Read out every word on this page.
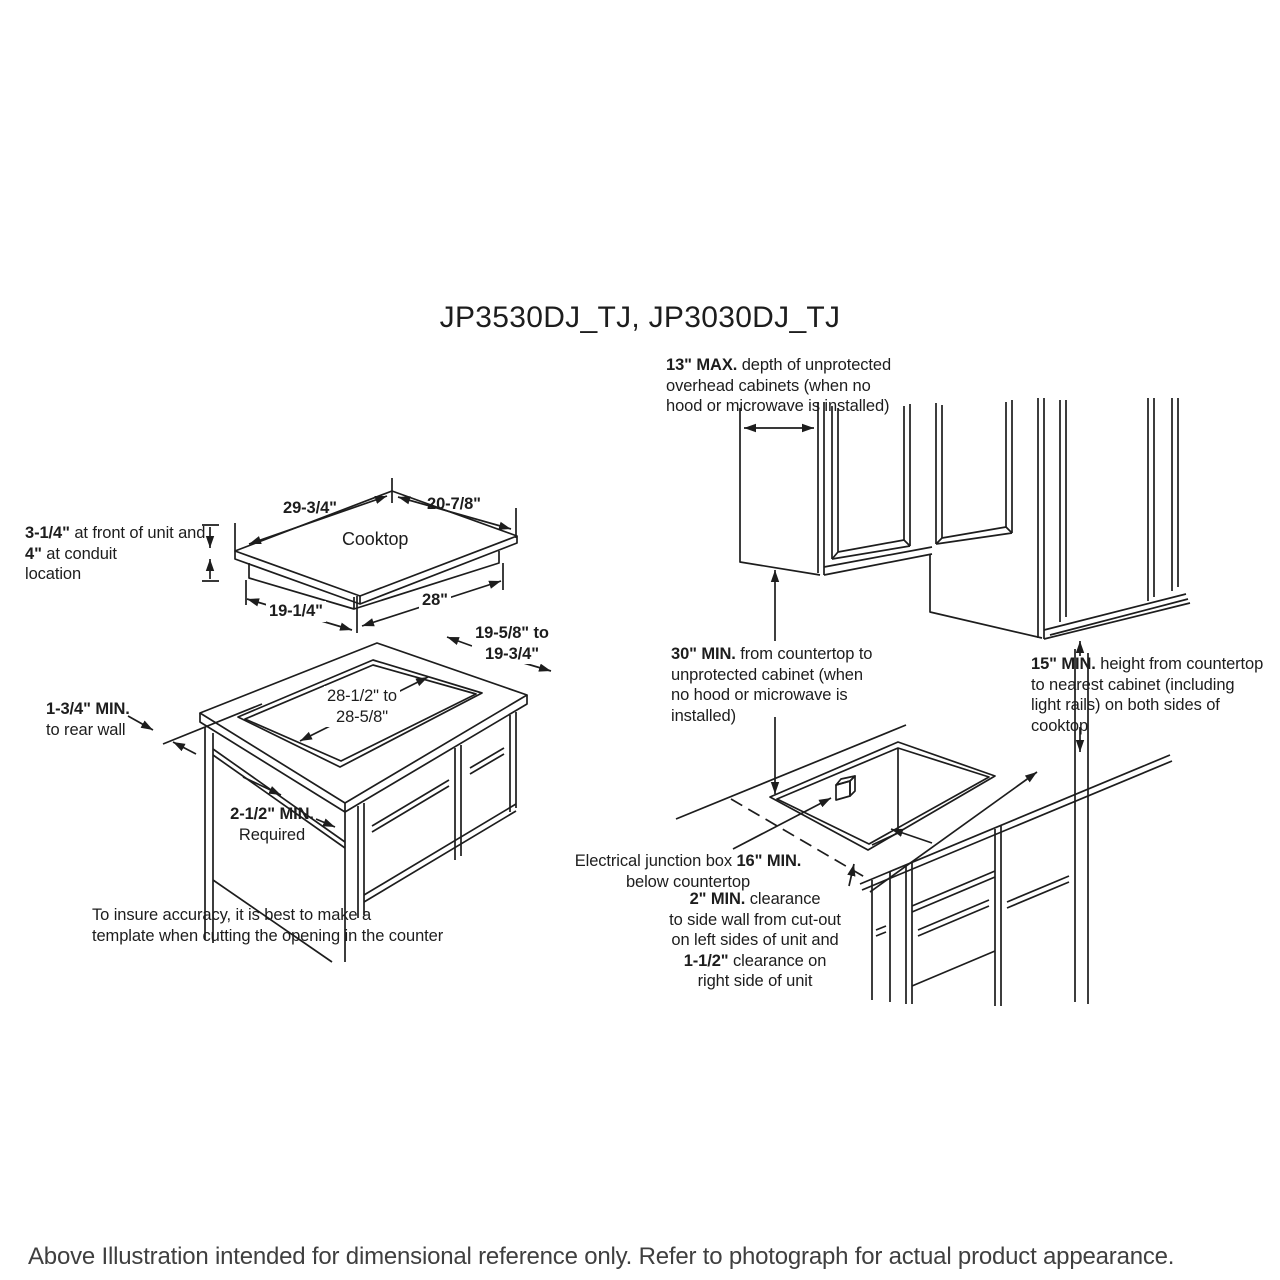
JP3530DJ_TJ, JP3030DJ_TJ
29-3/4"	20-7/8"
Cooktop
19-1/4"
28"
3-1/4" at front of unit and
4" at conduit
location
19-5/8" to
19-3/4"
28-1/2" to
28-5/8"
1-3/4" MIN.
to rear wall
2-1/2" MIN.
Required
To insure accuracy, it is best to make a
template when cutting the opening in the counter
13" MAX. depth of unprotected
overhead cabinets (when no
hood or microwave is installed)
30" MIN. from countertop to
unprotected cabinet (when
no hood or microwave is
installed)
15" MIN. height from countertop
to nearest cabinet (including
light rails) on both sides of
cooktop
Electrical junction box 16" MIN.
below countertop
2" MIN. clearance
to side wall from cut-out
on left sides of unit and
1-1/2" clearance on
right side of unit
Above Illustration intended for dimensional reference only. Refer to photograph for actual product appearance.
